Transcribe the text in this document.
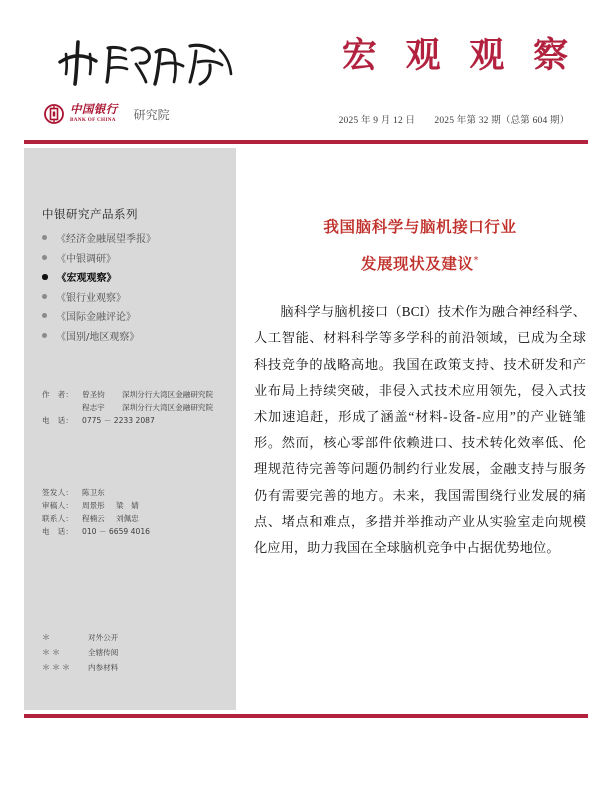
中国银行
BANK OF CHINA 研究院
宏 观 观 察
2025 年 9 月 12 日 2025 年第 32 期（总第 604 期）
中银研究产品系列
《经济金融展望季报》
《中银调研》
《宏观观察》
《银行业观察》
《国际金融评论》
《国别/地区观察》
作　者：	曾圣钧	深圳分行大湾区金融研究院
程志宇	深圳分行大湾区金融研究院
电　话：	0775 － 2233 2087
签发人：	陈卫东
审稿人：	周景彤	梁　婧
联系人：	程楠云	刘佩忠
电　话：	010 － 6659 4016
＊	对外公开
＊＊	全辖传阅
＊＊＊	内参材料
我国脑科学与脑机接口行业
发展现状及建议*
脑科学与脑机接口（BCI）技术作为融合神经科学、人工智能、材料科学等多学科的前沿领域，已成为全球科技竞争的战略高地。我国在政策支持、技术研发和产业布局上持续突破，非侵入式技术应用领先，侵入式技术加速追赶，形成了涵盖“材料-设备-应用”的产业链雏形。然而，核心零部件依赖进口、技术转化效率低、伦理规范待完善等问题仍制约行业发展，金融支持与服务仍有需要完善的地方。未来，我国需围绕行业发展的痛点、堵点和难点，多措并举推动产业从实验室走向规模化应用，助力我国在全球脑机竞争中占据优势地位。
